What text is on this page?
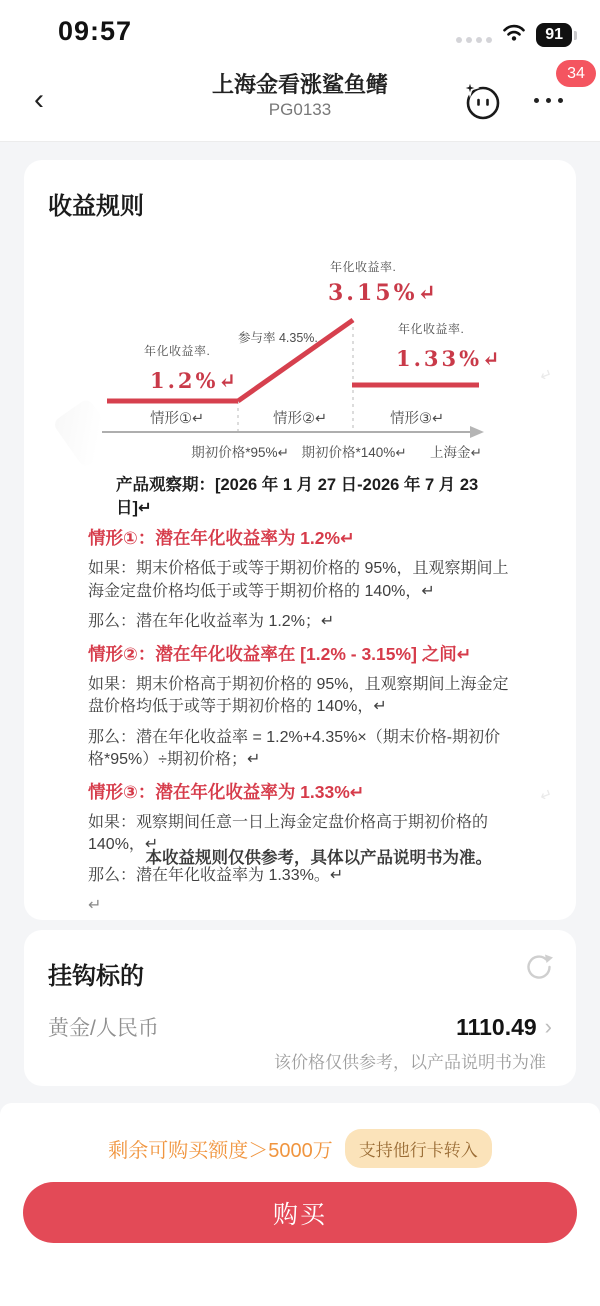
09:57	91
‹	上海金看涨鲨鱼鳍
PG0133
34
收益规则
年化收益率.
3.15%↵
参与率 4.35%.
年化收益率.
1.2%↵
年化收益率.
1.33%↵
情形①↵	情形②↵	情形③↵
期初价格*95%↵ 期初价格*140%↵ 上海金↵

产品观察期：[2026 年 1 月 27 日-2026 年 7 月 23 日]↵

情形①：潜在年化收益率为 1.2%↵

如果：期末价格低于或等于期初价格的 95%，且观察期间上海金定盘价格均低于或等于期初价格的 140%，↵

那么：潜在年化收益率为 1.2%；↵

情形②：潜在年化收益率在 [1.2% - 3.15%] 之间↵

如果：期末价格高于期初价格的 95%，且观察期间上海金定盘价格均低于或等于期初价格的 140%，↵

那么：潜在年化收益率 = 1.2%+4.35%×（期末价格-期初价格*95%）÷期初价格；↵

情形③：潜在年化收益率为 1.33%↵

如果：观察期间任意一日上海金定盘价格高于期初价格的 140%，↵

那么：潜在年化收益率为 1.33%。↵

↵

本收益规则仅供参考，具体以产品说明书为准。
↵
↵
挂钩标的
黄金/人民币	1110.49 ›
该价格仅供参考，以产品说明书为准
剩余可购买额度＞5000万	支持他行卡转入
购买
